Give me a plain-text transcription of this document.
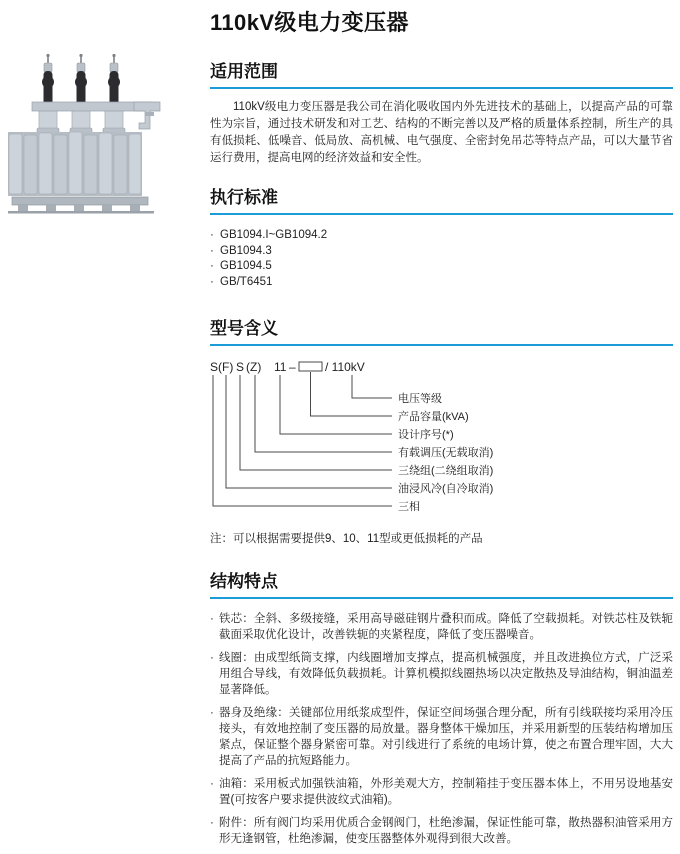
110kV级电力变压器
适用范围

110kV级电力变压器是我公司在消化吸收国内外先进技术的基础上，以提高产品的可靠性为宗旨，通过技术研发和对工艺、结构的不断完善以及严格的质量体系控制，所生产的具有低损耗、低噪音、低局放、高机械、电气强度、全密封免吊芯等特点产品，可以大量节省运行费用，提高电网的经济效益和安全性。

执行标准
· GB1094.I~GB1094.2
· GB1094.3
· GB1094.5
· GB/T6451
型号含义
S (F) S (Z) 11 – / 110kV
电压等级
产品容量(kVA)
设计序号(*)
有载调压(无载取消)
三绕组(二绕组取消)
油浸风冷(自冷取消)
三相

注：可以根据需要提供9、10、11型或更低损耗的产品

结构特点
· 铁芯：全斜、多级接缝，采用高导磁硅钢片叠积而成。降低了空载损耗。对铁芯柱及铁轭截面采取优化设计，改善铁轭的夹紧程度，降低了变压器噪音。
· 线圈：由成型纸筒支撑，内线圈增加支撑点，提高机械强度，并且改进换位方式，广泛采用组合导线，有效降低负载损耗。计算机模拟线圈热场以决定散热及导油结构，铜油温差显著降低。
· 器身及绝缘：关键部位用纸浆成型件，保证空间场强合理分配，所有引线联接均采用冷压接头，有效地控制了变压器的局放量。器身整体干燥加压，并采用新型的压装结构增加压紧点，保证整个器身紧密可靠。对引线进行了系统的电场计算，使之布置合理牢固，大大提高了产品的抗短路能力。
· 油箱：采用板式加强铁油箱，外形美观大方，控制箱挂于变压器本体上，不用另设地基安置(可按客户要求提供波纹式油箱)。
· 附件：所有阀门均采用优质合金钢阀门，杜绝渗漏，保证性能可靠，散热器积油管采用方形无逢钢管，杜绝渗漏，使变压器整体外观得到很大改善。
